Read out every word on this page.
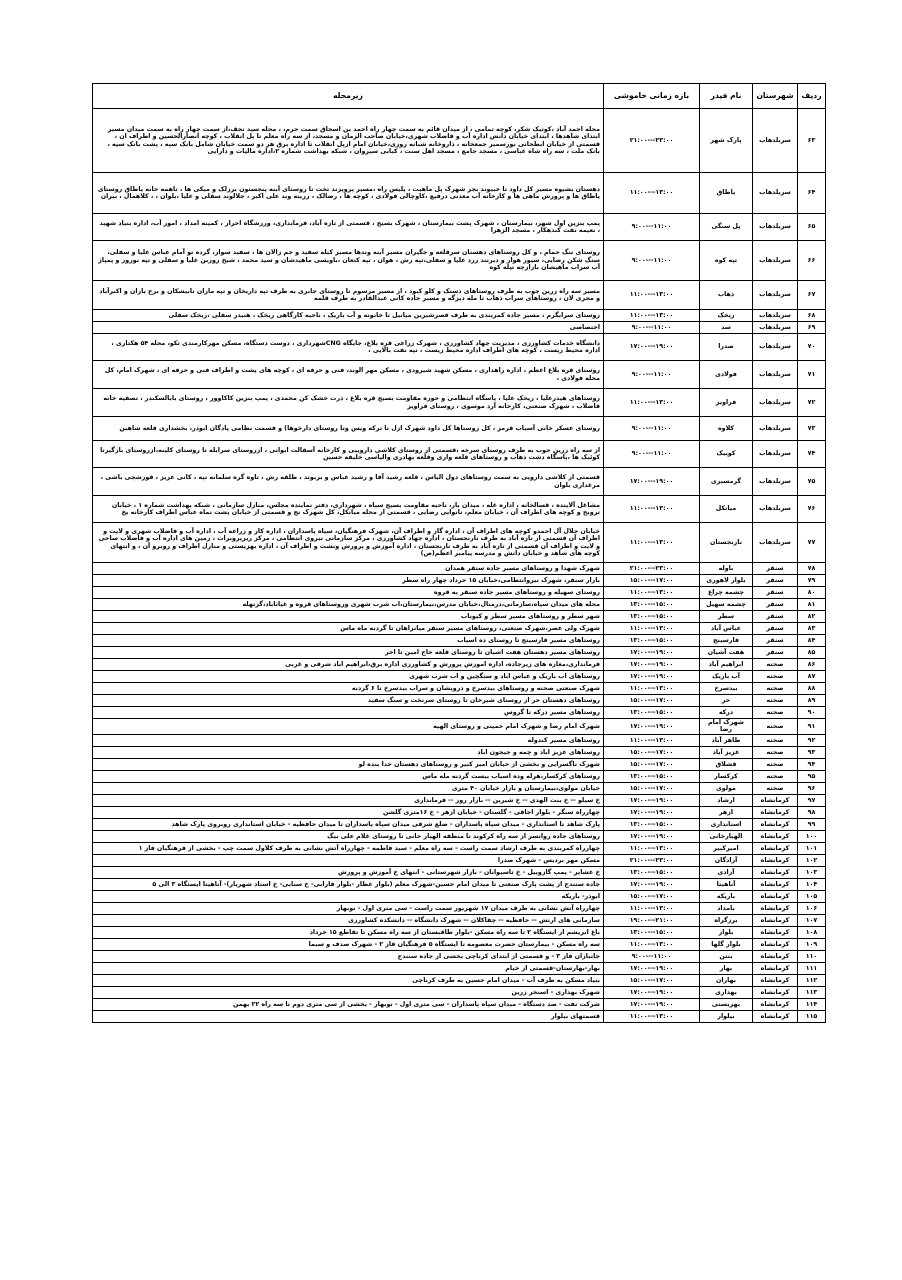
ردیف	شهرستان	نام فیدر	بازه زمانی خاموشی	زیرمحله
۶۳	سربلدهاب	پارک شهر	۲۱:۰۰---۲۳:۰۰	محله احمد آباد ،کوثیک شکر، کوچه تمامی ، از میدان قائم به سمت چهار راه احمد بن اسحاق سمت حرم، ، محله سید نجف،از سمت چهار راه به سمت میدان مسیر ابتدای شاهدها ، ابتدای خیابان دانش اداره آب و فاضلاب شهری،خیابان صاحب الزمان و مسجد، از سه راه معلم تا پل انقلاب ، کوچه انصارالحسین و اطراف ان ، قسمتی از خیابان ابطحانی بورسمیر جمعخانه ، داروخانه شبانه روزی،خیابان امام ازپل انقلاب تا اداره برق هر دو سمت خیابان شامل بانک سپه ، پشت بانک سپه ، بانک ملت ، سه راه شاه عباسی ، مسجد جامع ، مسجد اهل سنت ، کبابی سیروان ، شبکه بهداشت شماره ۲،اداره مالیات و دارایی
۶۴	سربلدهاب	یاطاق	۱۱:۰۰---۱۳:۰۰	دهستان بشیوه مسیر کل داود تا حبیوند بجز شهرک پل ماهیت ، پلیس راه ،مسیر پرویزند تخت تا روستای آبنه پنجستون برزلک و میکی ها ، تاهمه خانه یاطاق روستای یاطاق ها و پرورش ماهی ها و کارخانه آب معدنی درفیع ،کاوچالی فولادی ، کوچه ها ، رضالک ، زرینه وند علی اکبر ، جلالوند سفلی و علیا ،بلوان ، ، کلاهمال ، بیران
۶۵	سربلدهاب	پل سنگی	۹:۰۰---۱۱:۰۰	پمپ بنزین اول شهر، بیمارستان ، شهرک پشت بیمارستان ، شهرک بسیج ، قسمتی از تازه آباد، فرمانداری، ورزشگاه احرار ، کمینه امداد ، امور آب، اداره بنیاد شهید ، نعیمه نفت کندهکار ، مسجد الزهرا
۶۶	سربلدهاب	تپه کوه	۹:۰۰---۱۱:۰۰	روستای تنگ حمام ، و کل روستاهای دهستان سرقلعه و جگیران مسیر آبنه وندها مسیر کیله سفید و جم زالان ها ، سفید سوار، گرده تو آمام عباس علیا و سفلی، سنگ شکن رضایی، سیور هوار و دیرنند زرد علیا و سفلی،تپه رش ، هوان ، تپه کنعان ،باویسی ماهیدشان و سید محمد ، شیخ روزبن علیا و سفلی و تپه نوروز و پمپاژ آب سراب ماهیشان بازارچه تپله کوه
۶۷	سربلدهاب	ذهاب	۱۱:۰۰---۱۳:۰۰	مسیر سه راه زرین جوب به طرف روستاهای دستک و کلو کبود ، از مسیر مرسوم تا روستای جابری به طرف تپه داریخان و تپه ماران تابیشکان و برج باران و اکبرآباد و مجری لان ، روستاهای سراب ذهاب تا مله دیزگه و مسیر جاده کانی عبدالقادر به طرف قلمه
۶۸	سربلدهاب	ریخک	۱۱:۰۰---۱۳:۰۰	روستای سرابگرم ، مسیر جاده کمربندی به طرف قصرشیرین میانیل تا خانونه و آب باریک ، ناحیه کارگاهی ریخک ، هنیدر سفلی ،ریخک سفلی
۶۹	سربلدهاب	سد	۹:۰۰---۱۱:۰۰	اختصاصی
۷۰	سربلدهاب	صدرا	۱۷:۰۰---۱۹:۰۰	دانشگاه خدمات کشاورزی ، مدیریت جهاد کشاورزی ، شهرک زراعی قره بلاغ، جایگاه CNGشهرداری ، دوست دستگاه، مسکن مهرکارمندی تکو، محله ۵۴ هکتاری ، اداره محیط زیست ، کوچه های اطراف اداره محیط زیست ، تپه نفت بالایی ،
۷۱	سربلدهاب	فولادی	۹:۰۰---۱۱:۰۰	روستای قره بلاغ اعظم ، اداره راهداری ، مسکن شهید شیرودی ، مسکن مهر الوند، فنی و حرفه ای ، کوچه های پشت و اطراف فنی و حرفه ای ، شهرک امام، کل محله فولادی ،
۷۲	سربلدهاب	فراویز	۱۱:۰۰---۱۳:۰۰	روستاهای هیدرعلیا ، ریخک علیا ، پاسگاه انتظامی و حوزه مقاومت بسیج قره بلاغ ، ذرت خشک کن محمدی ، پمپ بنزین کاکاوور ، روستای بابالسکندر ، تصفیه خانه فاضلاب ، شهرک صنعتی، کارخانه آرد موسوی ، روستای فراویز
۷۳	سربلدهاب	کلاوه	۹:۰۰---۱۱:۰۰	روستای عسکر خانی آسیاب قرمز ، کل روستاها کل داود شهرک ازل تا ترکه ویس وتا روستای دارخوها) و قسمت نظامی پادگان ابوذر، بخشداری قلعه شاهین
۷۴	سربلدهاب	کوییک	۹:۰۰---۱۱:۰۰	از سه راه زرین جوب به طرف روستای سرخه ،قسمتی از روستای کلاشی داروییی و کارخانه آسفالت ابوانی ، ازروستای سرابله تا روستای کلینه،ازروستای بازگیرتا کوئیک ها ،پاسگاه دشت ذهاب و روستاهای قلعه واری وقلعه بهادری والیاسی خلیفه حسین
۷۵	سربلدهاب	گرمسیری	۱۷:۰۰---۱۹:۰۰	قسمتی از کلاشی دارویی به سمت روستاهای دول الیاس ، قلعه رشید آقا و رشید عباس و بربوند ، طلقه رش ، تاوه گره سلمانه تپه ، کانی عزیز ، قورشچی باشی ، مرغداری بلوان
۷۶	سربلدهاب	میانکل	۱۱:۰۰---۱۳:۰۰	مشاغل آلاینده ، قسالخانه ، اداره غله ، میدان بار، ناحیه مقاومت بسیج سپاه ، شهرداری، دفتر نماینده مجلس، منازل سازمانی ، شبکه بهداشت شماره ۱ ، خیابان تروبخ و کوچه های اطراف آن ، خیابان معلم، نانوایی رضایی ، قسمتی از محله میانکل، کل شهرک نج و قسمتی از خیابان پشت نماه عباس اطراف کارخانه یخ
۷۷	سربلدهاب	نارنجستان	۱۱:۰۰---۱۳:۰۰	خیابان جلال آل احمدو کوچه های اطراف آن ، اداره گاز و اطراف آن، شهرک فرهنگیان، سپاه پاسداران ، اداره کار و زراعه آب ، اداره آب و فاضلاب شهری و لایت و اطراف آن قسمتی از تازه آباد به طرف نارنجستان ، اداره جهاد کشاورزی ، مرکز سازمانی نیروی انتظامی ، مرکز ریرپروبرات ، زمین های اداره آب و فاضلاب ساحی و لایت و اطراف آن قسمتی از تازه آباد به طرف نارنجستان ، اداره آموزش و پرورش ونشت و اطراف آن ، اداره بهزیستی و منازل اطراف و روبرو آن ، و انتهای کوچه های شاهد و خیابان دانش و مدرسه پیامبر اعظم(ص)
۷۸	سنقر	باوله	۲۱:۰۰---۲۳:۰۰	شهرک شهدا و روستاهای مسیر جاده سنقر همدان
۷۹	سنقر	بلوار لاهوری	۱۵:۰۰---۱۷:۰۰	بازار سنقر، شهرک نیروانتظامی،خیابان ۱۵ خرداد چهار راه سطر
۸۰	سنقر	چشمه چراغ	۱۱:۰۰---۱۳:۰۰	روستای سهیله و روستاهای مسیر جاده سنقر به قروه
۸۱	سنقر	چشمه سهیل	۱۳:۰۰---۱۵:۰۰	محله های میدان سپاه،سازمانی،درمنال،خیابان مدرس،بیمارستان،اب شرب شهری وروستاهای قروه و غیاثاباد،گزنهله
۸۲	سنقر	سطر	۱۳:۰۰---۱۵:۰۰	شهر سطر و روستاهای مسیر سطر و کیوناب
۸۳	سنقر	عباس آباد	۱۱:۰۰---۱۳:۰۰	شهرک ولی عصر،شهرک صنعتی، روستاهای مسیر سنقر میانراهان تا گردنه ماه ماس
۸۴	سنقر	فارسینج	۱۳:۰۰---۱۵:۰۰	روستاهای مسیر فارسینج تا روستای ده اسیاب
۸۵	سنقر	هفت آشیان	۱۷:۰۰---۱۹:۰۰	روستاهای مسیر دهستان هفت اشیان تا روستای قلعه حاج امین تا اخر
۸۶	صحنه	ابراهیم آباد	۱۷:۰۰---۱۹:۰۰	فرمانداری،مغازه های زیرجاده، اداره اموزش پرورش و کشاورزی اداره برق،ابراهیم اباد شرقی و غربی
۸۷	صحنه	آب باریک	۱۷:۰۰---۱۹:۰۰	روستاهای اب باریک و عباس اباد و سنگچین و اب شرب شهری
۸۸	صحنه	بیدسرخ	۱۱:۰۰---۱۳:۰۰	شهرک صنعتی صحنه و روستاهای بیدسرخ و درویشان و سراب بیدسرخ تا ۶ گردنه
۸۹	صحنه	حر	۱۵:۰۰---۱۷:۰۰	روستاهای دهستان حر از روستای شیرخان تا روستای سرنخت و سنگ سفید
۹۰	صحنه	درکه	۱۳:۰۰---۱۵:۰۰	روستاهای مسیر درکه تا گروس
۹۱	صحنه	شهرک امام رضا	۱۷:۰۰---۱۹:۰۰	شهرک امام رضا و شهرک امام خمینی و روستای الهیه
۹۲	صحنه	طاهر آباد	۱۱:۰۰---۱۳:۰۰	روستاهای مسیر کندوله
۹۳	صحنه	عزیز آباد	۱۵:۰۰---۱۷:۰۰	روستاهای عزیز اباد و چمه و جیجون اباد
۹۴	صحنه	قشلاق	۱۵:۰۰---۱۷:۰۰	شهرک ناگسرایی و بخشی از خیابان امیر کبیر و روستاهای دهستان خدا بنده لو
۹۵	صحنه	کرکسار	۱۳:۰۰---۱۵:۰۰	روستاهای کرکسار،هرله وده اسیاب بیست گردنه مله ماس
۹۶	صحنه	مولوی	۱۵:۰۰---۱۷:۰۰	خیابان مولوی،بیمارستان و بازار خیابان ۴۰ متری
۹۷	کرمانشاه	ارشاد	۱۷:۰۰---۱۹:۰۰	خ سیلو -- خ بنت الهدی -- خ شیرین -- بازار روز -- فرمانداری
۹۸	کرمانشاه	ازهر	۱۷:۰۰---۱۹:۰۰	چهارراه سنگر - بلوار اجاقی - گلستان - خیابان ازهر - خ ۱۶متری گلشن
۹۹	کرمانشاه	استانداری	۱۳:۰۰---۱۵:۰۰	پارک شاهد تا استانداری - میدان سپاه پاسداران - ضلع شرقی میدان سپاه پاسداران تا میدان حافظیه - خیابان استانداری روبروی پارک شاهد
۱۰۰	کرمانشاه	الهیارخانی	۱۷:۰۰---۱۹:۰۰	روستاهای جاده روانسر از سه راه کرکوند تا منطقه الهیار خانی تا روستای غلام علی بیگ
۱۰۱	کرمانشاه	امیرکبیر	۱۱:۰۰---۱۳:۰۰	چهارراه کمربندی به طرف ارشاد سمت راست - سه راه معلم - سید فاطمه - چهارراه آتش نشانی به طرف کلاول سمت چپ - بخشی از فرهنگیان فاز ۱
۱۰۲	کرمانشاه	آزادگان	۲۱:۰۰---۲۳:۰۰	مسکن مهر بردیس - شهرک صدرا
۱۰۳	کرمانشاه	آزادی	۱۳:۰۰---۱۵:۰۰	خ عشایر - پمپ گازوییل - خ تاسیوانان - بازار شهرستانی - انتهای خ آموزش و پرورش
۱۰۴	کرمانشاه	آناهیتا	۱۷:۰۰---۱۹:۰۰	جاده سنندج از پشت پارک صنعتی تا میدان امام حسین-شهرک معلم (بلوار عطار -بلوار فارابی- خ سنایی- خ استاد شهریار)- آناهیتا ایستگاه ۳ الی ۵
۱۰۵	کرمانشاه	باریکه	۱۵:۰۰---۱۷:۰۰	ابوذر- باریکه
۱۰۶	کرمانشاه	بامداد	۱۱:۰۰---۱۳:۰۰	چهارراه آتش نشانی به طرف میدان ۱۷ شهریور سمت راست - سی متری اول - نوبهار
۱۰۷	کرمانشاه	برزگراه	۱۹:۰۰---۲۱:۰۰	سازمانی های ارتش -- حافظیه -- چقاکلان -- شهرک دانشگاه -- دانشکده کشاورزی
۱۰۸	کرمانشاه	بلوار	۱۳:۰۰---۱۵:۰۰	باغ ابریشم از ایستگاه ۲ تا سه راه مسکن -بلوار طاقبستان از سه راه مسکن تا تقاطع ۱۵ خرداد
۱۰۹	کرمانشاه	بلوار گلها	۱۱:۰۰---۱۳:۰۰	سه راه مسکن - بیمارستان حضرت معصومه تا ایستگاه ۵ فرهنگیان فاز ۲ - شهرک صدف و سیما
۱۱۰	کرمانشاه	بنتن	۹:۰۰---۱۱:۰۰	جانبازان فاز ۳ - و قسمتی از ابتدای کرناچی بخشی از جاده سنندج
۱۱۱	کرمانشاه	بهار	۱۷:۰۰---۱۹:۰۰	بهار-بهارستان-قسمتی از خیام
۱۱۲	کرمانشاه	بهاران	۱۵:۰۰---۱۷:۰۰	بنیاد مسکن به طرف آب - میدان امام حسین به طرف کرناچی
۱۱۳	کرمانشاه	بهداری	۱۷:۰۰---۱۹:۰۰	شهرک بهداری - اسنخر زرین
۱۱۴	کرمانشاه	بهزیستی	۱۷:۰۰---۱۹:۰۰	شرکت نفت - صد دستگاه - میدان سپاه پاسداران - سی متری اول - نوبهار - بخشی از سی متری دوم تا سه راه ۲۲ بهمن
۱۱۵	کرمانشاه	بیلوار	۱۱:۰۰---۱۳:۰۰	قسمتهای بیلوار
